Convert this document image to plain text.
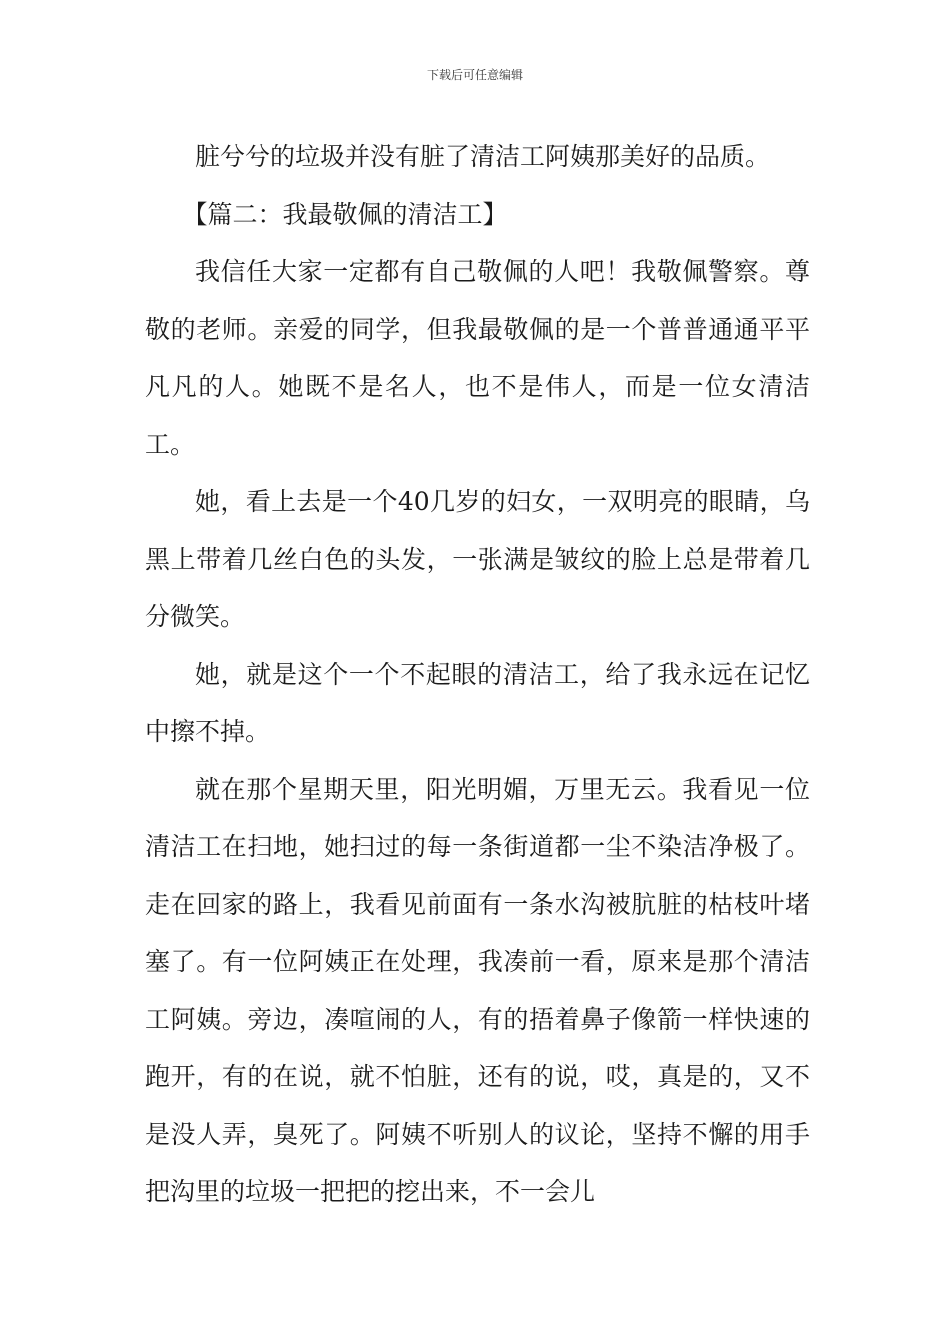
下载后可任意编辑

脏兮兮的垃圾并没有脏了清洁工阿姨那美好的品质。

【篇二：我最敬佩的清洁工】

我信任大家一定都有自己敬佩的人吧！我敬佩警察。尊敬的老师。亲爱的同学，但我最敬佩的是一个普普通通平平凡凡的人。她既不是名人，也不是伟人，而是一位女清洁工。

她，看上去是一个40几岁的妇女，一双明亮的眼睛，乌黑上带着几丝白色的头发，一张满是皱纹的脸上总是带着几分微笑。

她，就是这个一个不起眼的清洁工，给了我永远在记忆中擦不掉。

就在那个星期天里，阳光明媚，万里无云。我看见一位清洁工在扫地，她扫过的每一条街道都一尘不染洁净极了。走在回家的路上，我看见前面有一条水沟被肮脏的枯枝叶堵塞了。有一位阿姨正在处理，我凑前一看，原来是那个清洁工阿姨。旁边，凑喧闹的人，有的捂着鼻子像箭一样快速的跑开，有的在说，就不怕脏，还有的说，哎，真是的，又不是没人弄，臭死了。阿姨不听别人的议论，坚持不懈的用手把沟里的垃圾一把把的挖出来，不一会儿
